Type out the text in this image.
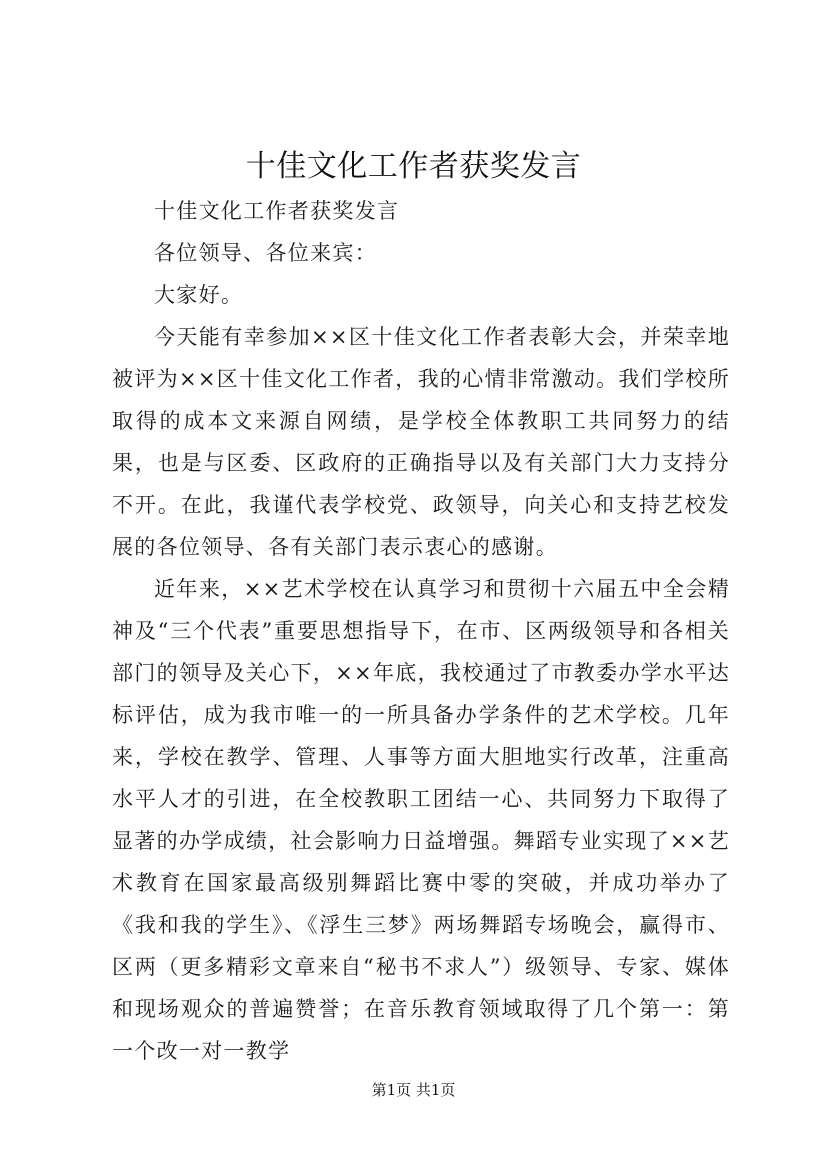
十佳文化工作者获奖发言

十佳文化工作者获奖发言

各位领导、各位来宾：

大家好。

今天能有幸参加××区十佳文化工作者表彰大会，并荣幸地被评为××区十佳文化工作者，我的心情非常激动。我们学校所取得的成本文来源自网绩，是学校全体教职工共同努力的结果，也是与区委、区政府的正确指导以及有关部门大力支持分不开。在此，我谨代表学校党、政领导，向关心和支持艺校发展的各位领导、各有关部门表示衷心的感谢。

近年来，××艺术学校在认真学习和贯彻十六届五中全会精神及“三个代表”重要思想指导下，在市、区两级领导和各相关部门的领导及关心下，××年底，我校通过了市教委办学水平达标评估，成为我市唯一的一所具备办学条件的艺术学校。几年来，学校在教学、管理、人事等方面大胆地实行改革，注重高水平人才的引进，在全校教职工团结一心、共同努力下取得了显著的办学成绩，社会影响力日益增强。舞蹈专业实现了××艺术教育在国家最高级别舞蹈比赛中零的突破，并成功举办了《我和我的学生》、《浮生三梦》两场舞蹈专场晚会，赢得市、区两（更多精彩文章来自“秘书不求人”）级领导、专家、媒体和现场观众的普遍赞誉；在音乐教育领域取得了几个第一：第一个改一对一教学

第1页 共1页
